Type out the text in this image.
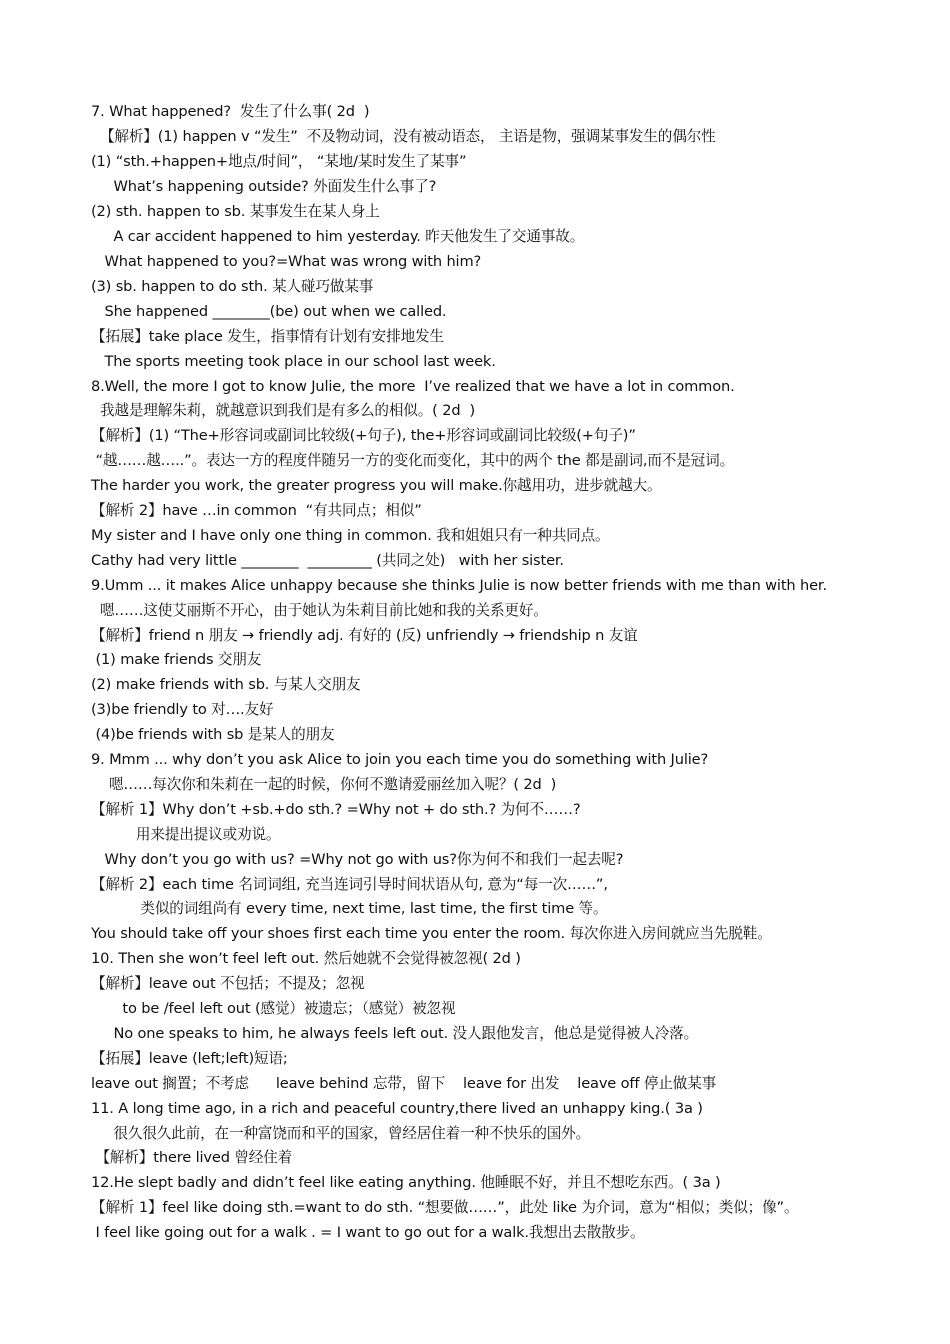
7. What happened?  发生了什么事( 2d  )
【解析】(1) happen v “发生”  不及物动词，没有被动语态， 主语是物，强调某事发生的偶尔性
(1) “sth.+happen+地点/时间”， “某地/某时发生了某事”
What’s happening outside? 外面发生什么事了?
(2) sth. happen to sb. 某事发生在某人身上
A car accident happened to him yesterday. 昨天他发生了交通事故。
What happened to you?=What was wrong with him?
(3) sb. happen to do sth. 某人碰巧做某事
She happened ________(be) out when we called.
【拓展】take place 发生，指事情有计划有安排地发生
The sports meeting took place in our school last week.
8.Well, the more I got to know Julie, the more  I’ve realized that we have a lot in common.
我越是理解朱莉，就越意识到我们是有多么的相似。( 2d  )
【解析】(1) “The+形容词或副词比较级(+句子), the+形容词或副词比较级(+句子)”
“越……越…..”。表达一方的程度伴随另一方的变化而变化，其中的两个 the 都是副词,而不是冠词。
The harder you work, the greater progress you will make.你越用功，进步就越大。
【解析 2】have …in common  “有共同点；相似”
My sister and I have only one thing in common. 我和姐姐只有一种共同点。
Cathy had very little ________  _________ (共同之处)   with her sister.
9.Umm ... it makes Alice unhappy because she thinks Julie is now better friends with me than with her.
嗯……这使艾丽斯不开心，由于她认为朱莉目前比她和我的关系更好。
【解析】friend n 朋友 → friendly adj. 有好的 (反) unfriendly → friendship n 友谊
(1) make friends 交朋友
(2) make friends with sb. 与某人交朋友
(3)be friendly to 对….友好
(4)be friends with sb 是某人的朋友
9. Mmm ... why don’t you ask Alice to join you each time you do something with Julie?
嗯……每次你和朱莉在一起的时候，你何不邀请爱丽丝加入呢？( 2d  )
【解析 1】Why don’t +sb.+do sth.? =Why not + do sth.? 为何不……?
用来提出提议或劝说。
Why don’t you go with us? =Why not go with us?你为何不和我们一起去呢?
【解析 2】each time 名词词组, 充当连词引导时间状语从句, 意为“每一次……”,
类似的词组尚有 every time, next time, last time, the first time 等。
You should take off your shoes first each time you enter the room. 每次你进入房间就应当先脱鞋。
10. Then she won’t feel left out. 然后她就不会觉得被忽视( 2d )
【解析】leave out 不包括；不提及；忽视
to be /feel left out (感觉）被遗忘；（感觉）被忽视
No one speaks to him, he always feels left out. 没人跟他发言，他总是觉得被人冷落。
【拓展】leave (left;left)短语;
leave out 搁置；不考虑      leave behind 忘带，留下    leave for 出发    leave off 停止做某事
11. A long time ago, in a rich and peaceful country,there lived an unhappy king.( 3a )
很久很久此前，在一种富饶而和平的国家，曾经居住着一种不快乐的国外。
【解析】there lived 曾经住着
12.He slept badly and didn’t feel like eating anything. 他睡眠不好，并且不想吃东西。( 3a )
【解析 1】feel like doing sth.=want to do sth. “想要做……”，此处 like 为介词，意为“相似；类似；像”。
I feel like going out for a walk . = I want to go out for a walk.我想出去散散步。
